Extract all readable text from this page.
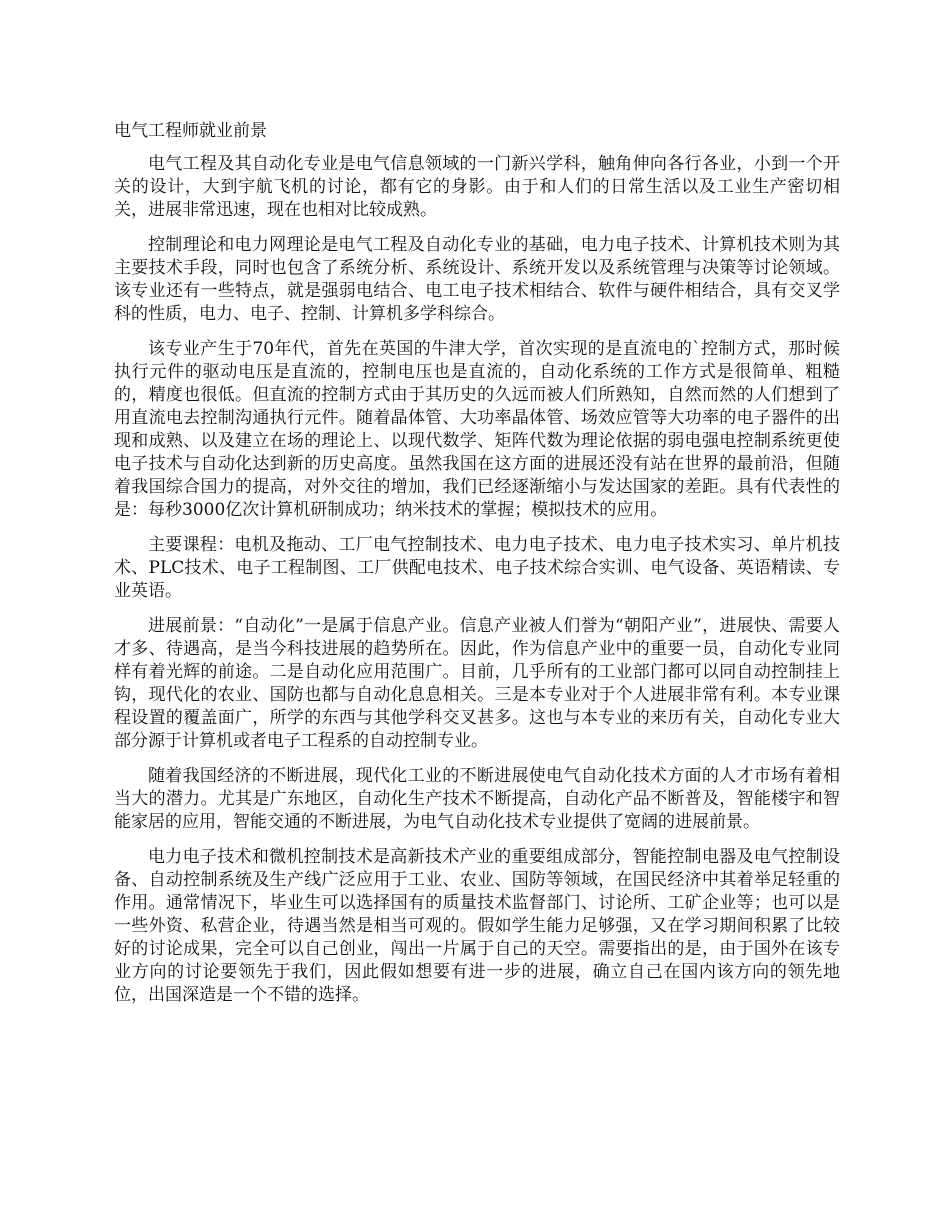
电气工程师就业前景

电气工程及其自动化专业是电气信息领域的一门新兴学科，触角伸向各行各业，小到一个开关的设计，大到宇航飞机的讨论，都有它的身影。由于和人们的日常生活以及工业生产密切相关，进展非常迅速，现在也相对比较成熟。

控制理论和电力网理论是电气工程及自动化专业的基础，电力电子技术、计算机技术则为其主要技术手段，同时也包含了系统分析、系统设计、系统开发以及系统管理与决策等讨论领域。该专业还有一些特点，就是强弱电结合、电工电子技术相结合、软件与硬件相结合，具有交叉学科的性质，电力、电子、控制、计算机多学科综合。

该专业产生于70年代，首先在英国的牛津大学，首次实现的是直流电的`控制方式，那时候执行元件的驱动电压是直流的，控制电压也是直流的，自动化系统的工作方式是很简单、粗糙的，精度也很低。但直流的控制方式由于其历史的久远而被人们所熟知，自然而然的人们想到了用直流电去控制沟通执行元件。随着晶体管、大功率晶体管、场效应管等大功率的电子器件的出现和成熟、以及建立在场的理论上、以现代数学、矩阵代数为理论依据的弱电强电控制系统更使电子技术与自动化达到新的历史高度。虽然我国在这方面的进展还没有站在世界的最前沿，但随着我国综合国力的提高，对外交往的增加，我们已经逐渐缩小与发达国家的差距。具有代表性的是：每秒3000亿次计算机研制成功；纳米技术的掌握；模拟技术的应用。

主要课程：电机及拖动、工厂电气控制技术、电力电子技术、电力电子技术实习、单片机技术、PLC技术、电子工程制图、工厂供配电技术、电子技术综合实训、电气设备、英语精读、专业英语。

进展前景：“自动化”一是属于信息产业。信息产业被人们誉为“朝阳产业”，进展快、需要人才多、待遇高，是当今科技进展的趋势所在。因此，作为信息产业中的重要一员，自动化专业同样有着光辉的前途。二是自动化应用范围广。目前，几乎所有的工业部门都可以同自动控制挂上钩，现代化的农业、国防也都与自动化息息相关。三是本专业对于个人进展非常有利。本专业课程设置的覆盖面广，所学的东西与其他学科交叉甚多。这也与本专业的来历有关，自动化专业大部分源于计算机或者电子工程系的自动控制专业。

随着我国经济的不断进展，现代化工业的不断进展使电气自动化技术方面的人才市场有着相当大的潜力。尤其是广东地区，自动化生产技术不断提高，自动化产品不断普及，智能楼宇和智能家居的应用，智能交通的不断进展，为电气自动化技术专业提供了宽阔的进展前景。

电力电子技术和微机控制技术是高新技术产业的重要组成部分，智能控制电器及电气控制设备、自动控制系统及生产线广泛应用于工业、农业、国防等领域，在国民经济中其着举足轻重的作用。通常情况下，毕业生可以选择国有的质量技术监督部门、讨论所、工矿企业等；也可以是一些外资、私营企业，待遇当然是相当可观的。假如学生能力足够强，又在学习期间积累了比较好的讨论成果，完全可以自己创业，闯出一片属于自己的天空。需要指出的是，由于国外在该专业方向的讨论要领先于我们，因此假如想要有进一步的进展，确立自己在国内该方向的领先地位，出国深造是一个不错的选择。
